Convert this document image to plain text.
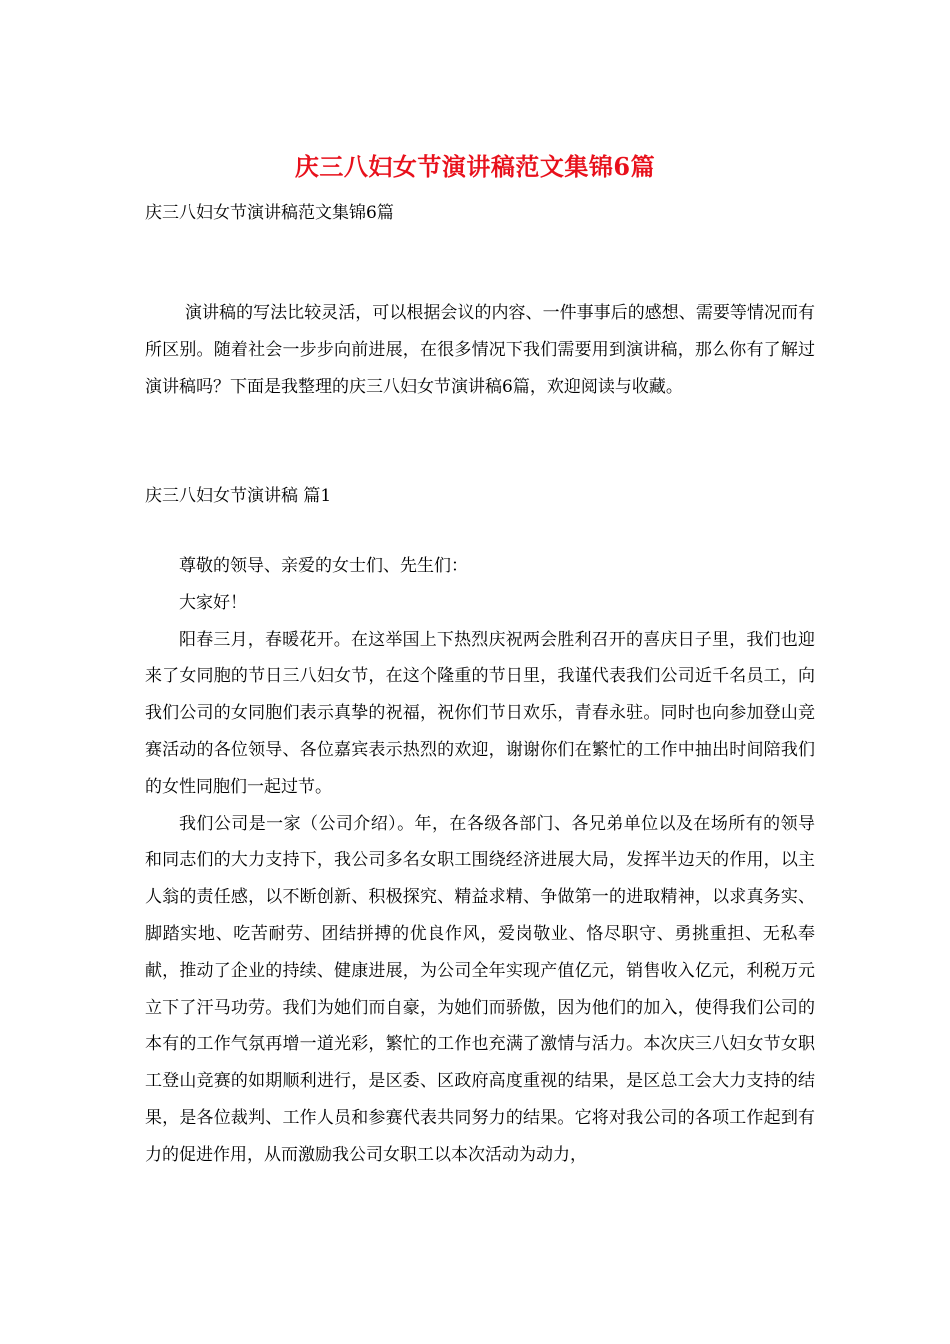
庆三八妇女节演讲稿范文集锦6篇
庆三八妇女节演讲稿范文集锦6篇
演讲稿的写法比较灵活，可以根据会议的内容、一件事事后的感想、需要等情况而有所区别。随着社会一步步向前进展，在很多情况下我们需要用到演讲稿，那么你有了解过演讲稿吗？下面是我整理的庆三八妇女节演讲稿6篇，欢迎阅读与收藏。
庆三八妇女节演讲稿 篇1

尊敬的领导、亲爱的女士们、先生们：

大家好！

阳春三月，春暖花开。在这举国上下热烈庆祝两会胜利召开的喜庆日子里，我们也迎来了女同胞的节日三八妇女节，在这个隆重的节日里，我谨代表我们公司近千名员工，向我们公司的女同胞们表示真挚的祝福，祝你们节日欢乐，青春永驻。同时也向参加登山竞赛活动的各位领导、各位嘉宾表示热烈的欢迎，谢谢你们在繁忙的工作中抽出时间陪我们的女性同胞们一起过节。

我们公司是一家（公司介绍）。年，在各级各部门、各兄弟单位以及在场所有的领导和同志们的大力支持下，我公司多名女职工围绕经济进展大局，发挥半边天的作用，以主人翁的责任感，以不断创新、积极探究、精益求精、争做第一的进取精神，以求真务实、脚踏实地、吃苦耐劳、团结拼搏的优良作风，爱岗敬业、恪尽职守、勇挑重担、无私奉献，推动了企业的持续、健康进展，为公司全年实现产值亿元，销售收入亿元，利税万元立下了汗马功劳。我们为她们而自豪，为她们而骄傲，因为他们的加入，使得我们公司的本有的工作气氛再增一道光彩，繁忙的工作也充满了激情与活力。本次庆三八妇女节女职工登山竞赛的如期顺利进行，是区委、区政府高度重视的结果，是区总工会大力支持的结果，是各位裁判、工作人员和参赛代表共同努力的结果。它将对我公司的各项工作起到有力的促进作用，从而激励我公司女职工以本次活动为动力，
